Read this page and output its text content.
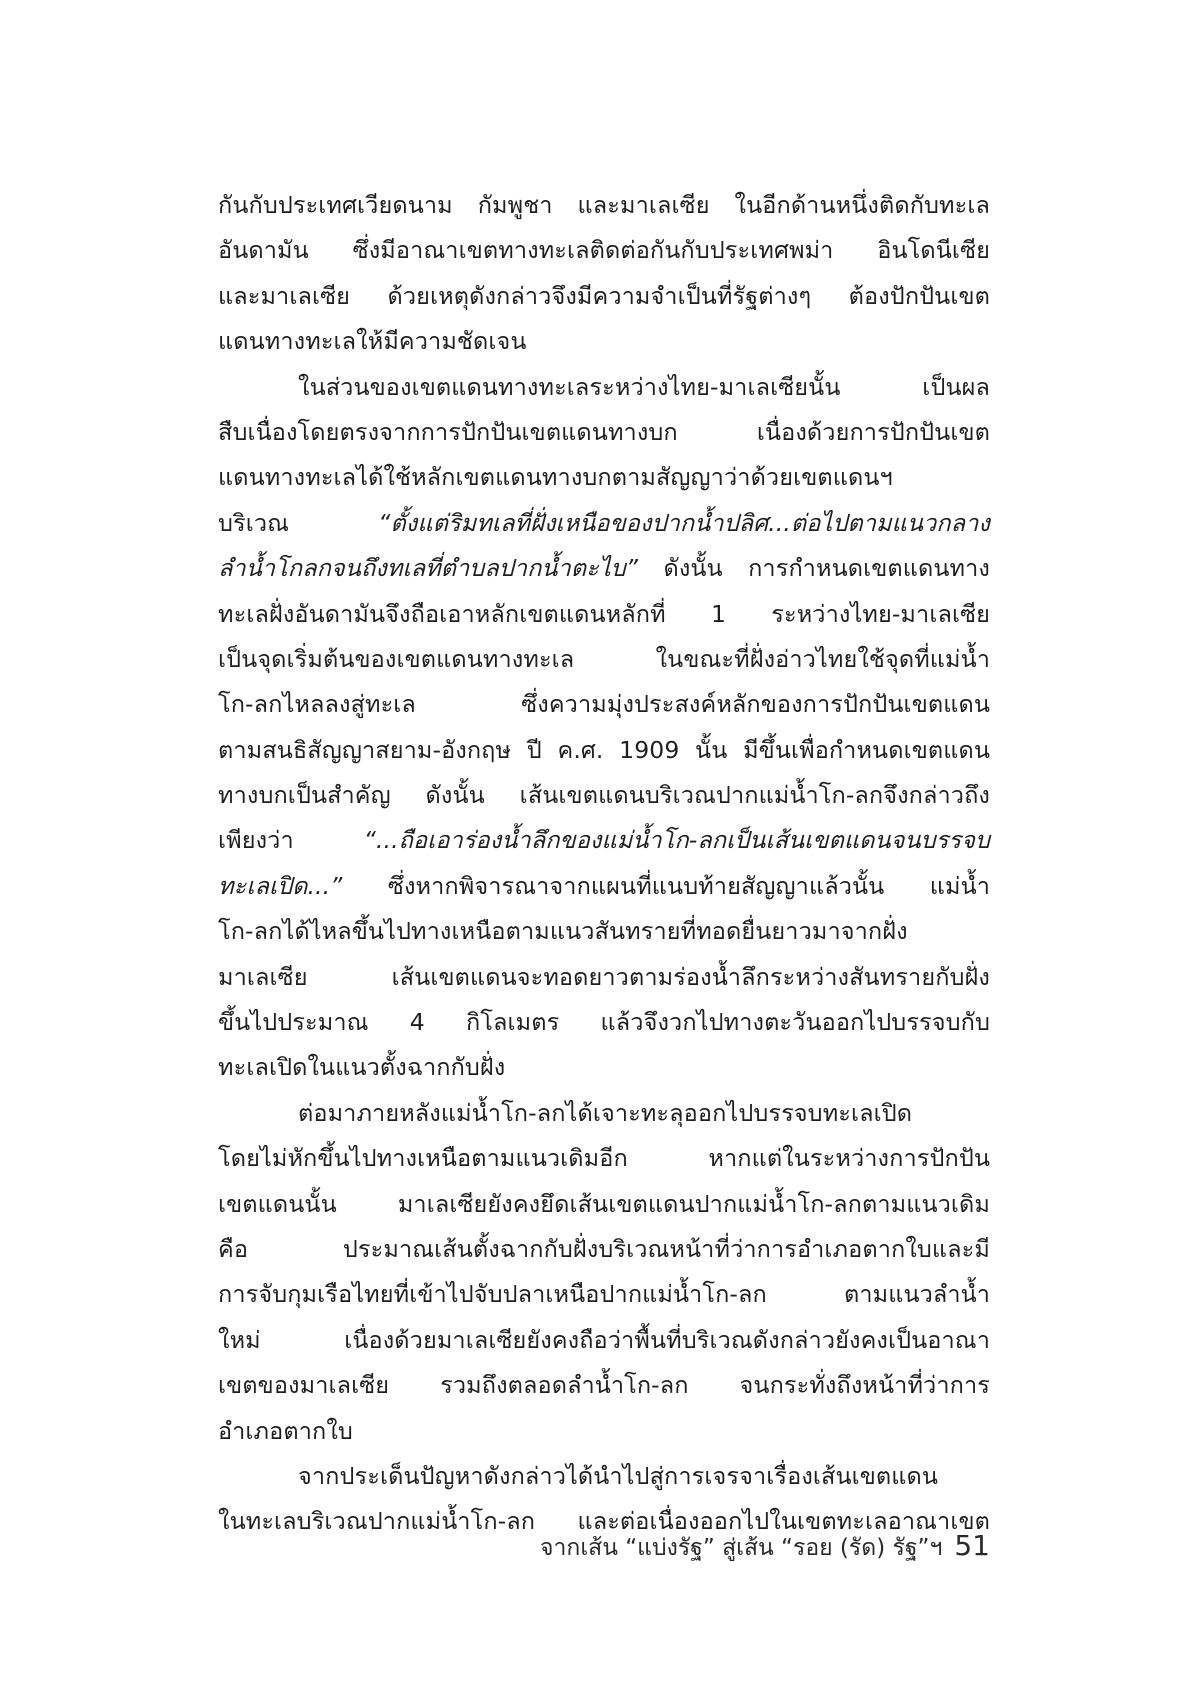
กันกับประเทศเวียดนาม กัมพูชา และมาเลเซีย ในอีกด้านหนึ่งติดกับทะเล
อันดามัน ซึ่งมีอาณาเขตทางทะเลติดต่อกันกับประเทศพม่า อินโดนีเซีย
และมาเลเซีย ด้วยเหตุดังกล่าวจึงมีความจำเป็นที่รัฐต่างๆ ต้องปักปันเขต
แดนทางทะเลให้มีความชัดเจน
ในส่วนของเขตแดนทางทะเลระหว่างไทย-มาเลเซียนั้น เป็นผล
สืบเนื่องโดยตรงจากการปักปันเขตแดนทางบก เนื่องด้วยการปักปันเขต
แดนทางทะเลได้ใช้หลักเขตแดนทางบกตามสัญญาว่าด้วยเขตแดนฯ
บริเวณ “ตั้งแต่ริมทเลที่ฝั่งเหนือของปากน้ำปลิศ...ต่อไปตามแนวกลาง
ลำน้ำโกลกจนถึงทเลที่ตำบลปากน้ำตะไบ” ดังนั้น การกำหนดเขตแดนทาง
ทะเลฝั่งอันดามันจึงถือเอาหลักเขตแดนหลักที่ 1 ระหว่างไทย-มาเลเซีย
เป็นจุดเริ่มต้นของเขตแดนทางทะเล ในขณะที่ฝั่งอ่าวไทยใช้จุดที่แม่น้ำ
โก-ลกไหลลงสู่ทะเล ซึ่งความมุ่งประสงค์หลักของการปักปันเขตแดน
ตามสนธิสัญญาสยาม-อังกฤษ ปี ค.ศ. 1909 นั้น มีขึ้นเพื่อกำหนดเขตแดน
ทางบกเป็นสำคัญ ดังนั้น เส้นเขตแดนบริเวณปากแม่น้ำโก-ลกจึงกล่าวถึง
เพียงว่า “...ถือเอาร่องน้ำลึกของแม่น้ำโก-ลกเป็นเส้นเขตแดนจนบรรจบ
ทะเลเปิด...” ซึ่งหากพิจารณาจากแผนที่แนบท้ายสัญญาแล้วนั้น แม่น้ำ
โก-ลกได้ไหลขึ้นไปทางเหนือตามแนวสันทรายที่ทอดยื่นยาวมาจากฝั่ง
มาเลเซีย เส้นเขตแดนจะทอดยาวตามร่องน้ำลึกระหว่างสันทรายกับฝั่ง
ขึ้นไปประมาณ 4 กิโลเมตร แล้วจึงวกไปทางตะวันออกไปบรรจบกับ
ทะเลเปิดในแนวตั้งฉากกับฝั่ง
ต่อมาภายหลังแม่น้ำโก-ลกได้เจาะทะลุออกไปบรรจบทะเลเปิด
โดยไม่หักขึ้นไปทางเหนือตามแนวเดิมอีก หากแต่ในระหว่างการปักปัน
เขตแดนนั้น มาเลเซียยังคงยึดเส้นเขตแดนปากแม่น้ำโก-ลกตามแนวเดิม
คือ ประมาณเส้นตั้งฉากกับฝั่งบริเวณหน้าที่ว่าการอำเภอตากใบและมี
การจับกุมเรือไทยที่เข้าไปจับปลาเหนือปากแม่น้ำโก-ลก ตามแนวลำน้ำ
ใหม่ เนื่องด้วยมาเลเซียยังคงถือว่าพื้นที่บริเวณดังกล่าวยังคงเป็นอาณา
เขตของมาเลเซีย รวมถึงตลอดลำน้ำโก-ลก จนกระทั่งถึงหน้าที่ว่าการ
อำเภอตากใบ
จากประเด็นปัญหาดังกล่าวได้นำไปสู่การเจรจาเรื่องเส้นเขตแดน
ในทะเลบริเวณปากแม่น้ำโก-ลก และต่อเนื่องออกไปในเขตทะเลอาณาเขต
จากเส้น “แบ่งรัฐ” สู่เส้น “รอย (รัด) รัฐ”ฯ 51
